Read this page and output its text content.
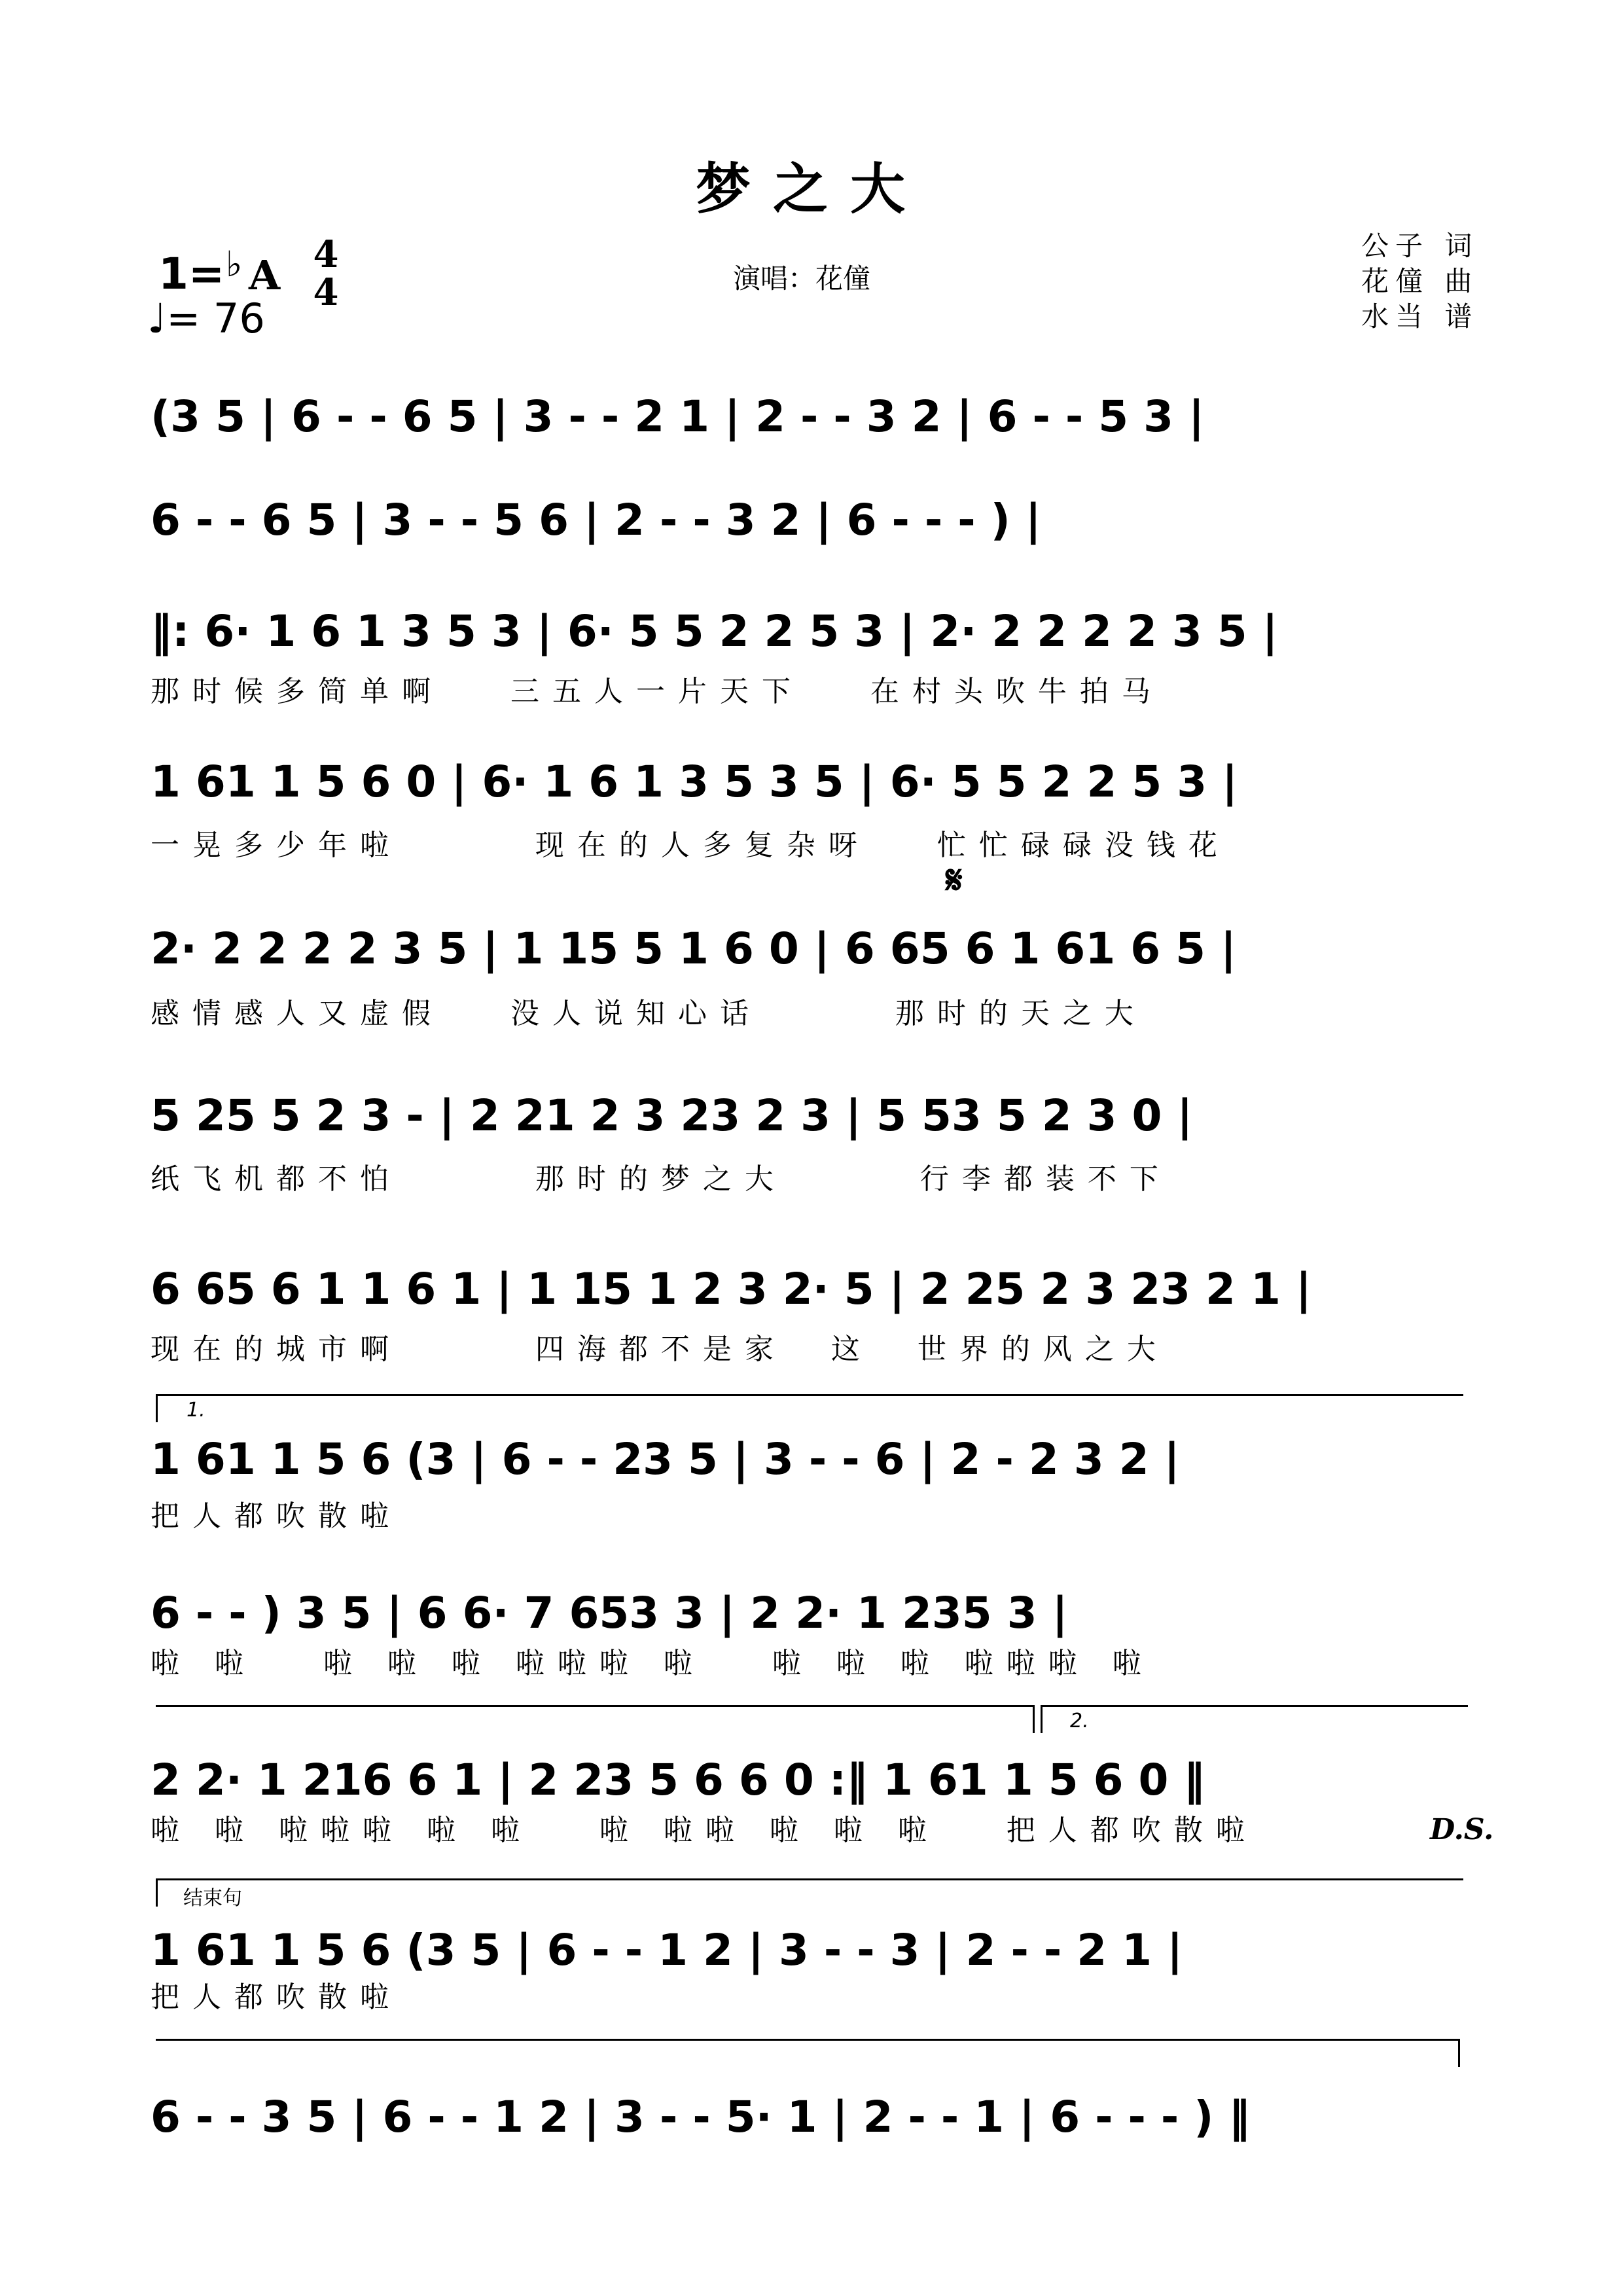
梦之大
演唱：花僮
公子 词
花僮 曲
水当 谱
1= ♭ A 4
4
♩= 76
(3 5 | 6 - - 6 5 | 3 - - 2 1 | 2 - - 3 2 | 6 - - 5 3 |
6 - - 6 5 | 3 - - 5 6 | 2 - - 3 2 | 6 - - - ) |
‖: 6· 1 6 1 3 5 3 | 6· 5 5 2 2 5 3 | 2· 2 2 2 2 3 5 |
那时候多简单啊   三五人一片天下   在村头吹牛拍马
1 61 1 5 6 0 | 6· 1 6 1 3 5 3 5 | 6· 5 5 2 2 5 3 |
一晃多少年啦      现在的人多复杂呀   忙忙碌碌没钱花
𝄋
2· 2 2 2 2 3 5 | 1 15 5 1 6 0 | 6 65 6 1 61 6 5 |
感情感人又虚假   没人说知心话      那时的天之大
5 25 5 2 3 - | 2 21 2 3 23 2 3 | 5 53 5 2 3 0 |
纸飞机都不怕      那时的梦之大      行李都装不下
6 65 6 1 1 6 1 | 1 15 1 2 3 2· 5 | 2 25 2 3 23 2 1 |
现在的城市啊      四海都不是家  这  世界的风之大
1.
1 61 1 5 6 (3 | 6 - - 23 5 | 3 - - 6 | 2 - 2 3 2 |
把人都吹散啦
6 - - ) 3 5 | 6 6· 7 653 3 | 2 2· 1 235 3 |
啦 啦   啦 啦 啦 啦啦啦 啦   啦 啦 啦 啦啦啦 啦
2.
2 2· 1 216 6 1 | 2 23 5 6 6 0 :‖ 1 61 1 5 6 0 ‖
啦 啦 啦啦啦 啦 啦   啦 啦啦 啦 啦 啦   把人都吹散啦	D.S.
结束句
1 61 1 5 6 (3 5 | 6 - - 1 2 | 3 - - 3 | 2 - - 2 1 |
把人都吹散啦
6 - - 3 5 | 6 - - 1 2 | 3 - - 5· 1 | 2 - - 1 | 6 - - - ) ‖
